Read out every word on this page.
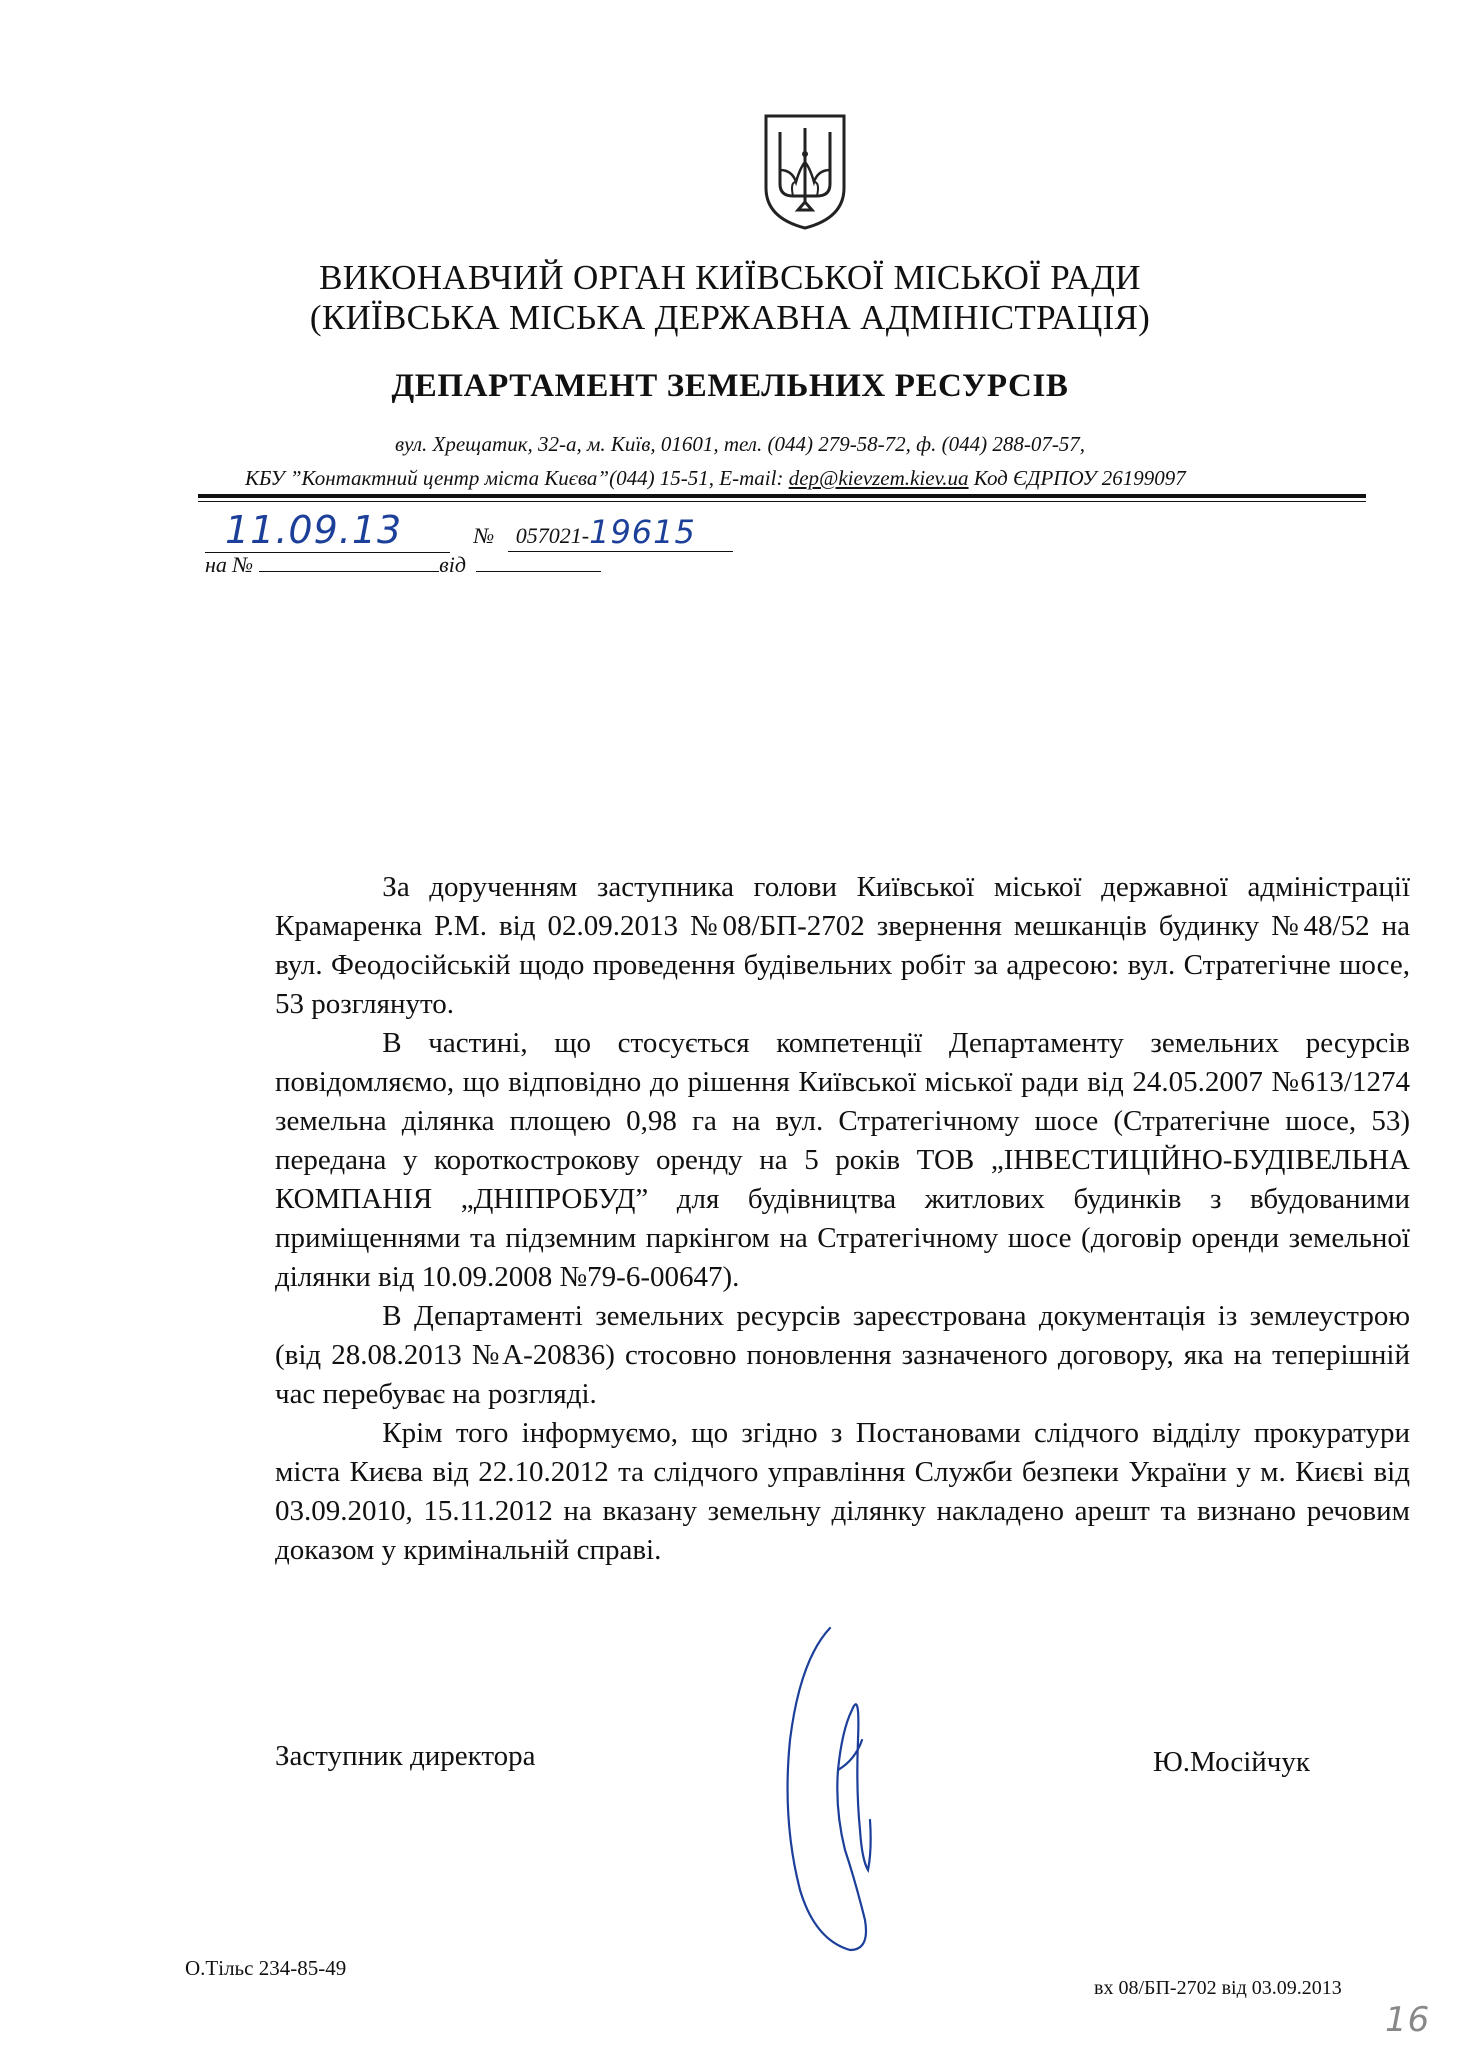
ВИКОНАВЧИЙ ОРГАН КИЇВСЬКОЇ МІСЬКОЇ РАДИ
(КИЇВСЬКА МІСЬКА ДЕРЖАВНА АДМІНІСТРАЦІЯ)
ДЕПАРТАМЕНТ ЗЕМЕЛЬНИХ РЕСУРСІВ
вул. Хрещатик, 32-а, м. Київ, 01601, тел. (044) 279-58-72, ф. (044) 288-07-57,
КБУ ”Контактний центр міста Києва”(044) 15-51, E-mail: dep@kievzem.kiev.ua Код ЄДРПОУ 26199097
11.09.13	№ 057021-19615
на №	від

За дорученням заступника голови Київської міської державної адміністрації Крамаренка Р.М. від 02.09.2013 №08/БП-2702 звернення мешканців будинку №48/52 на вул. Феодосійській щодо проведення будівельних робіт за адресою: вул. Стратегічне шосе, 53 розглянуто.

В частині, що стосується компетенції Департаменту земельних ресурсів повідомляємо, що відповідно до рішення Київської міської ради від 24.05.2007 №613/1274 земельна ділянка площею 0,98 га на вул. Стратегічному шосе (Стратегічне шосе, 53) передана у короткострокову оренду на 5 років ТОВ „ІНВЕСТИЦІЙНО-БУДІВЕЛЬНА КОМПАНІЯ „ДНІПРОБУД” для будівництва житлових будинків з вбудованими приміщеннями та підземним паркінгом на Стратегічному шосе (договір оренди земельної ділянки від 10.09.2008 №79-6-00647).

В Департаменті земельних ресурсів зареєстрована документація із землеустрою (від 28.08.2013 №А-20836) стосовно поновлення зазначеного договору, яка на теперішній час перебуває на розгляді.

Крім того інформуємо, що згідно з Постановами слідчого відділу прокуратури міста Києва від 22.10.2012 та слідчого управління Служби безпеки України у м. Києві від 03.09.2010, 15.11.2012 на вказану земельну ділянку накладено арешт та визнано речовим доказом у кримінальній справі.

Заступник директора	Ю.Мосійчук
О.Тільс 234-85-49
вх 08/БП-2702 від 03.09.2013
16
